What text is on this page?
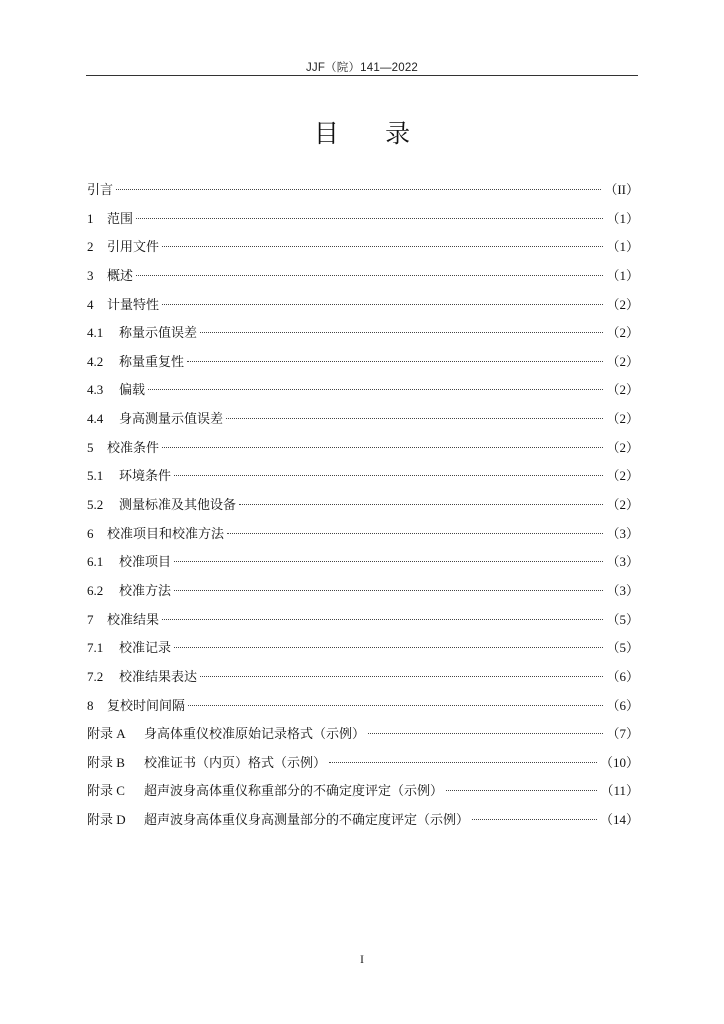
JJF（院）141—2022
目 录
引言	（II）
1 范围	（1）
2 引用文件	（1）
3 概述	（1）
4 计量特性	（2）
4.1 称量示值误差	（2）
4.2 称量重复性	（2）
4.3 偏载	（2）
4.4 身高测量示值误差	（2）
5 校准条件	（2）
5.1 环境条件	（2）
5.2 测量标准及其他设备	（2）
6 校准项目和校准方法	（3）
6.1 校准项目	（3）
6.2 校准方法	（3）
7 校准结果	（5）
7.1 校准记录	（5）
7.2 校准结果表达	（6）
8 复校时间间隔	（6）
附录 A 身高体重仪校准原始记录格式（示例）	（7）
附录 B 校准证书（内页）格式（示例）	（10）
附录 C 超声波身高体重仪称重部分的不确定度评定（示例）	（11）
附录 D 超声波身高体重仪身高测量部分的不确定度评定（示例）	（14）
I
